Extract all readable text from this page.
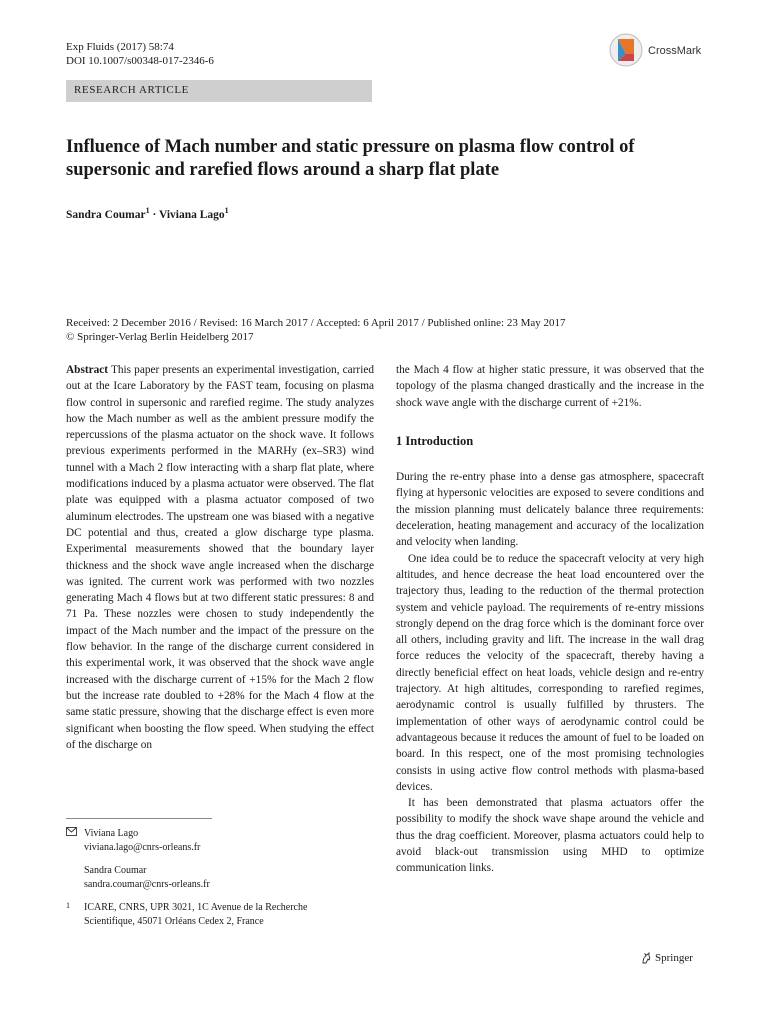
Exp Fluids (2017) 58:74
DOI 10.1007/s00348-017-2346-6
CrossMark
RESEARCH ARTICLE
Influence of Mach number and static pressure on plasma flow control of supersonic and rarefied flows around a sharp flat plate
Sandra Coumar$^1$ · Viviana Lago$^1$
Received: 2 December 2016 / Revised: 16 March 2017 / Accepted: 6 April 2017 / Published online: 23 May 2017
© Springer-Verlag Berlin Heidelberg 2017

Abstract This paper presents an experimental investigation, carried out at the Icare Laboratory by the FAST team, focusing on plasma flow control in supersonic and rarefied regime. The study analyzes how the Mach number as well as the ambient pressure modify the repercussions of the plasma actuator on the shock wave. It follows previous experiments performed in the MARHy (ex–SR3) wind tunnel with a Mach 2 flow interacting with a sharp flat plate, where modifications induced by a plasma actuator were observed. The flat plate was equipped with a plasma actuator composed of two aluminum electrodes. The upstream one was biased with a negative DC potential and thus, created a glow discharge type plasma. Experimental measurements showed that the boundary layer thickness and the shock wave angle increased when the discharge was ignited. The current work was performed with two nozzles generating Mach 4 flows but at two different static pressures: 8 and 71 Pa. These nozzles were chosen to study independently the impact of the Mach number and the impact of the pressure on the flow behavior. In the range of the discharge current considered in this experimental work, it was observed that the shock wave angle increased with the discharge current of +15% for the Mach 2 flow but the increase rate doubled to +28% for the Mach 4 flow at the same static pressure, showing that the discharge effect is even more significant when boosting the flow speed. When studying the effect of the discharge on

the Mach 4 flow at higher static pressure, it was observed that the topology of the plasma changed drastically and the increase in the shock wave angle with the discharge current of +21%.

1 Introduction

During the re-entry phase into a dense gas atmosphere, spacecraft flying at hypersonic velocities are exposed to severe conditions and the mission planning must delicately balance three requirements: deceleration, heating management and accuracy of the localization and velocity when landing.

One idea could be to reduce the spacecraft velocity at very high altitudes, and hence decrease the heat load encountered over the trajectory thus, leading to the reduction of the thermal protection system and vehicle payload. The requirements of re-entry missions strongly depend on the drag force which is the dominant force over all others, including gravity and lift. The increase in the wall drag force reduces the velocity of the spacecraft, thereby having a directly beneficial effect on heat loads, vehicle design and re-entry trajectory. At high altitudes, corresponding to rarefied regimes, aerodynamic control is usually fulfilled by thrusters. The implementation of other ways of aerodynamic control could be advantageous because it reduces the amount of fuel to be loaded on board. In this respect, one of the most promising technologies consists in using active flow control methods with plasma-based devices.

It has been demonstrated that plasma actuators offer the possibility to modify the shock wave shape around the vehicle and thus the drag coefficient. Moreover, plasma actuators could help to avoid black-out transmission using MHD to optimize communication links.

Viviana Lago
viviana.lago@cnrs-orleans.fr
Sandra Coumar
sandra.coumar@cnrs-orleans.fr
1 ICARE, CNRS, UPR 3021, 1C Avenue de la Recherche
Scientifique, 45071 Orléans Cedex 2, France
Springer
